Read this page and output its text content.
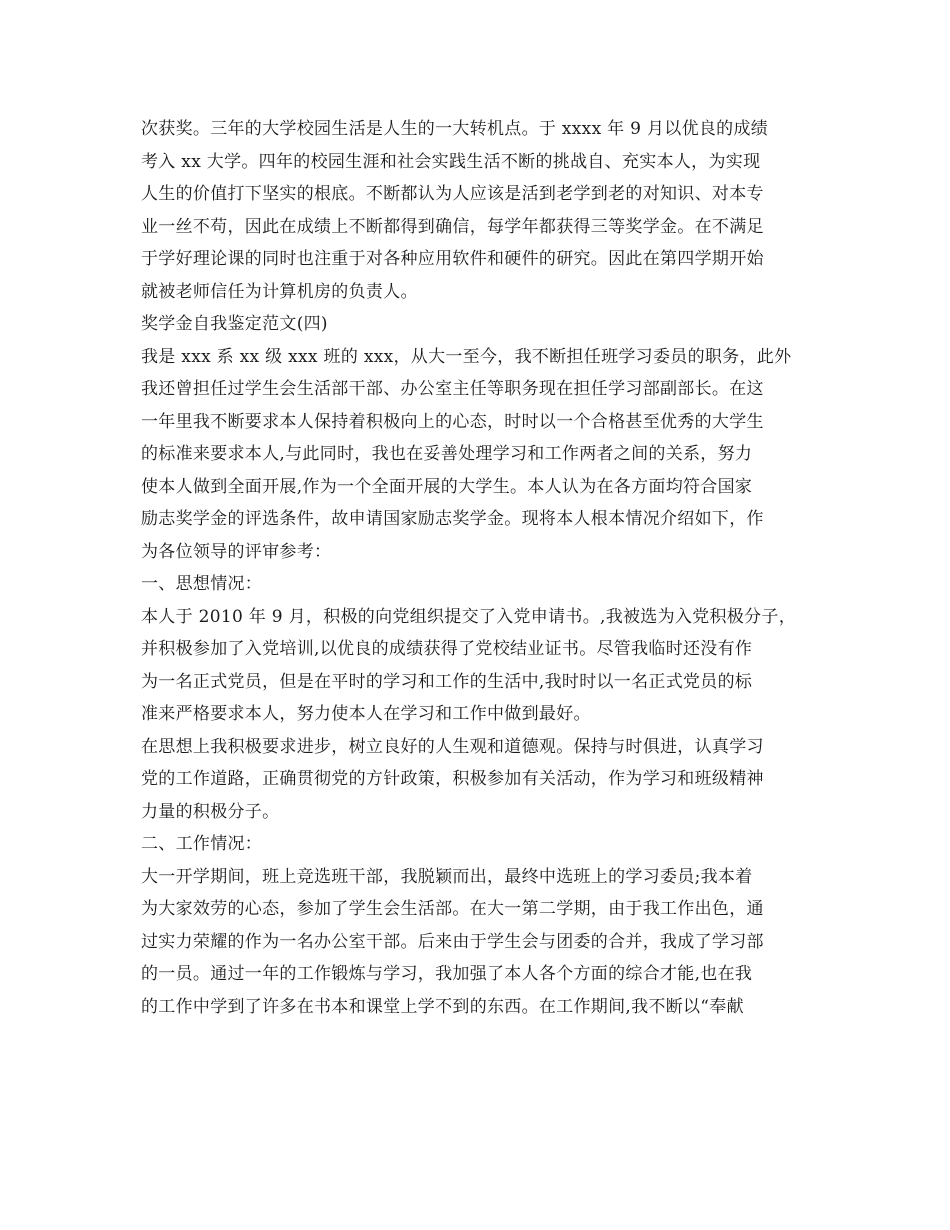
次获奖。三年的大学校园生活是人生的一大转机点。于 xxxx 年 9 月以优良的成绩
考入 xx 大学。四年的校园生涯和社会实践生活不断的挑战自、充实本人，为实现
人生的价值打下坚实的根底。不断都认为人应该是活到老学到老的对知识、对本专
业一丝不苟，因此在成绩上不断都得到确信，每学年都获得三等奖学金。在不满足
于学好理论课的同时也注重于对各种应用软件和硬件的研究。因此在第四学期开始
就被老师信任为计算机房的负责人。
奖学金自我鉴定范文(四)
我是 xxx 系 xx 级 xxx 班的 xxx，从大一至今，我不断担任班学习委员的职务，此外
我还曾担任过学生会生活部干部、办公室主任等职务现在担任学习部副部长。在这
一年里我不断要求本人保持着积极向上的心态，时时以一个合格甚至优秀的大学生
的标准来要求本人,与此同时，我也在妥善处理学习和工作两者之间的关系，努力
使本人做到全面开展,作为一个全面开展的大学生。本人认为在各方面均符合国家
励志奖学金的评选条件，故申请国家励志奖学金。现将本人根本情况介绍如下，作
为各位领导的评审参考：
一、思想情况：
本人于 2010 年 9 月，积极的向党组织提交了入党申请书。,我被选为入党积极分子，
并积极参加了入党培训,以优良的成绩获得了党校结业证书。尽管我临时还没有作
为一名正式党员，但是在平时的学习和工作的生活中,我时时以一名正式党员的标
准来严格要求本人，努力使本人在学习和工作中做到最好。
在思想上我积极要求进步，树立良好的人生观和道德观。保持与时俱进，认真学习
党的工作道路，正确贯彻党的方针政策，积极参加有关活动，作为学习和班级精神
力量的积极分子。
二、工作情况：
大一开学期间，班上竞选班干部，我脱颖而出，最终中选班上的学习委员;我本着
为大家效劳的心态，参加了学生会生活部。在大一第二学期，由于我工作出色，通
过实力荣耀的作为一名办公室干部。后来由于学生会与团委的合并，我成了学习部
的一员。通过一年的工作锻炼与学习，我加强了本人各个方面的综合才能,也在我
的工作中学到了许多在书本和课堂上学不到的东西。在工作期间,我不断以“奉献
